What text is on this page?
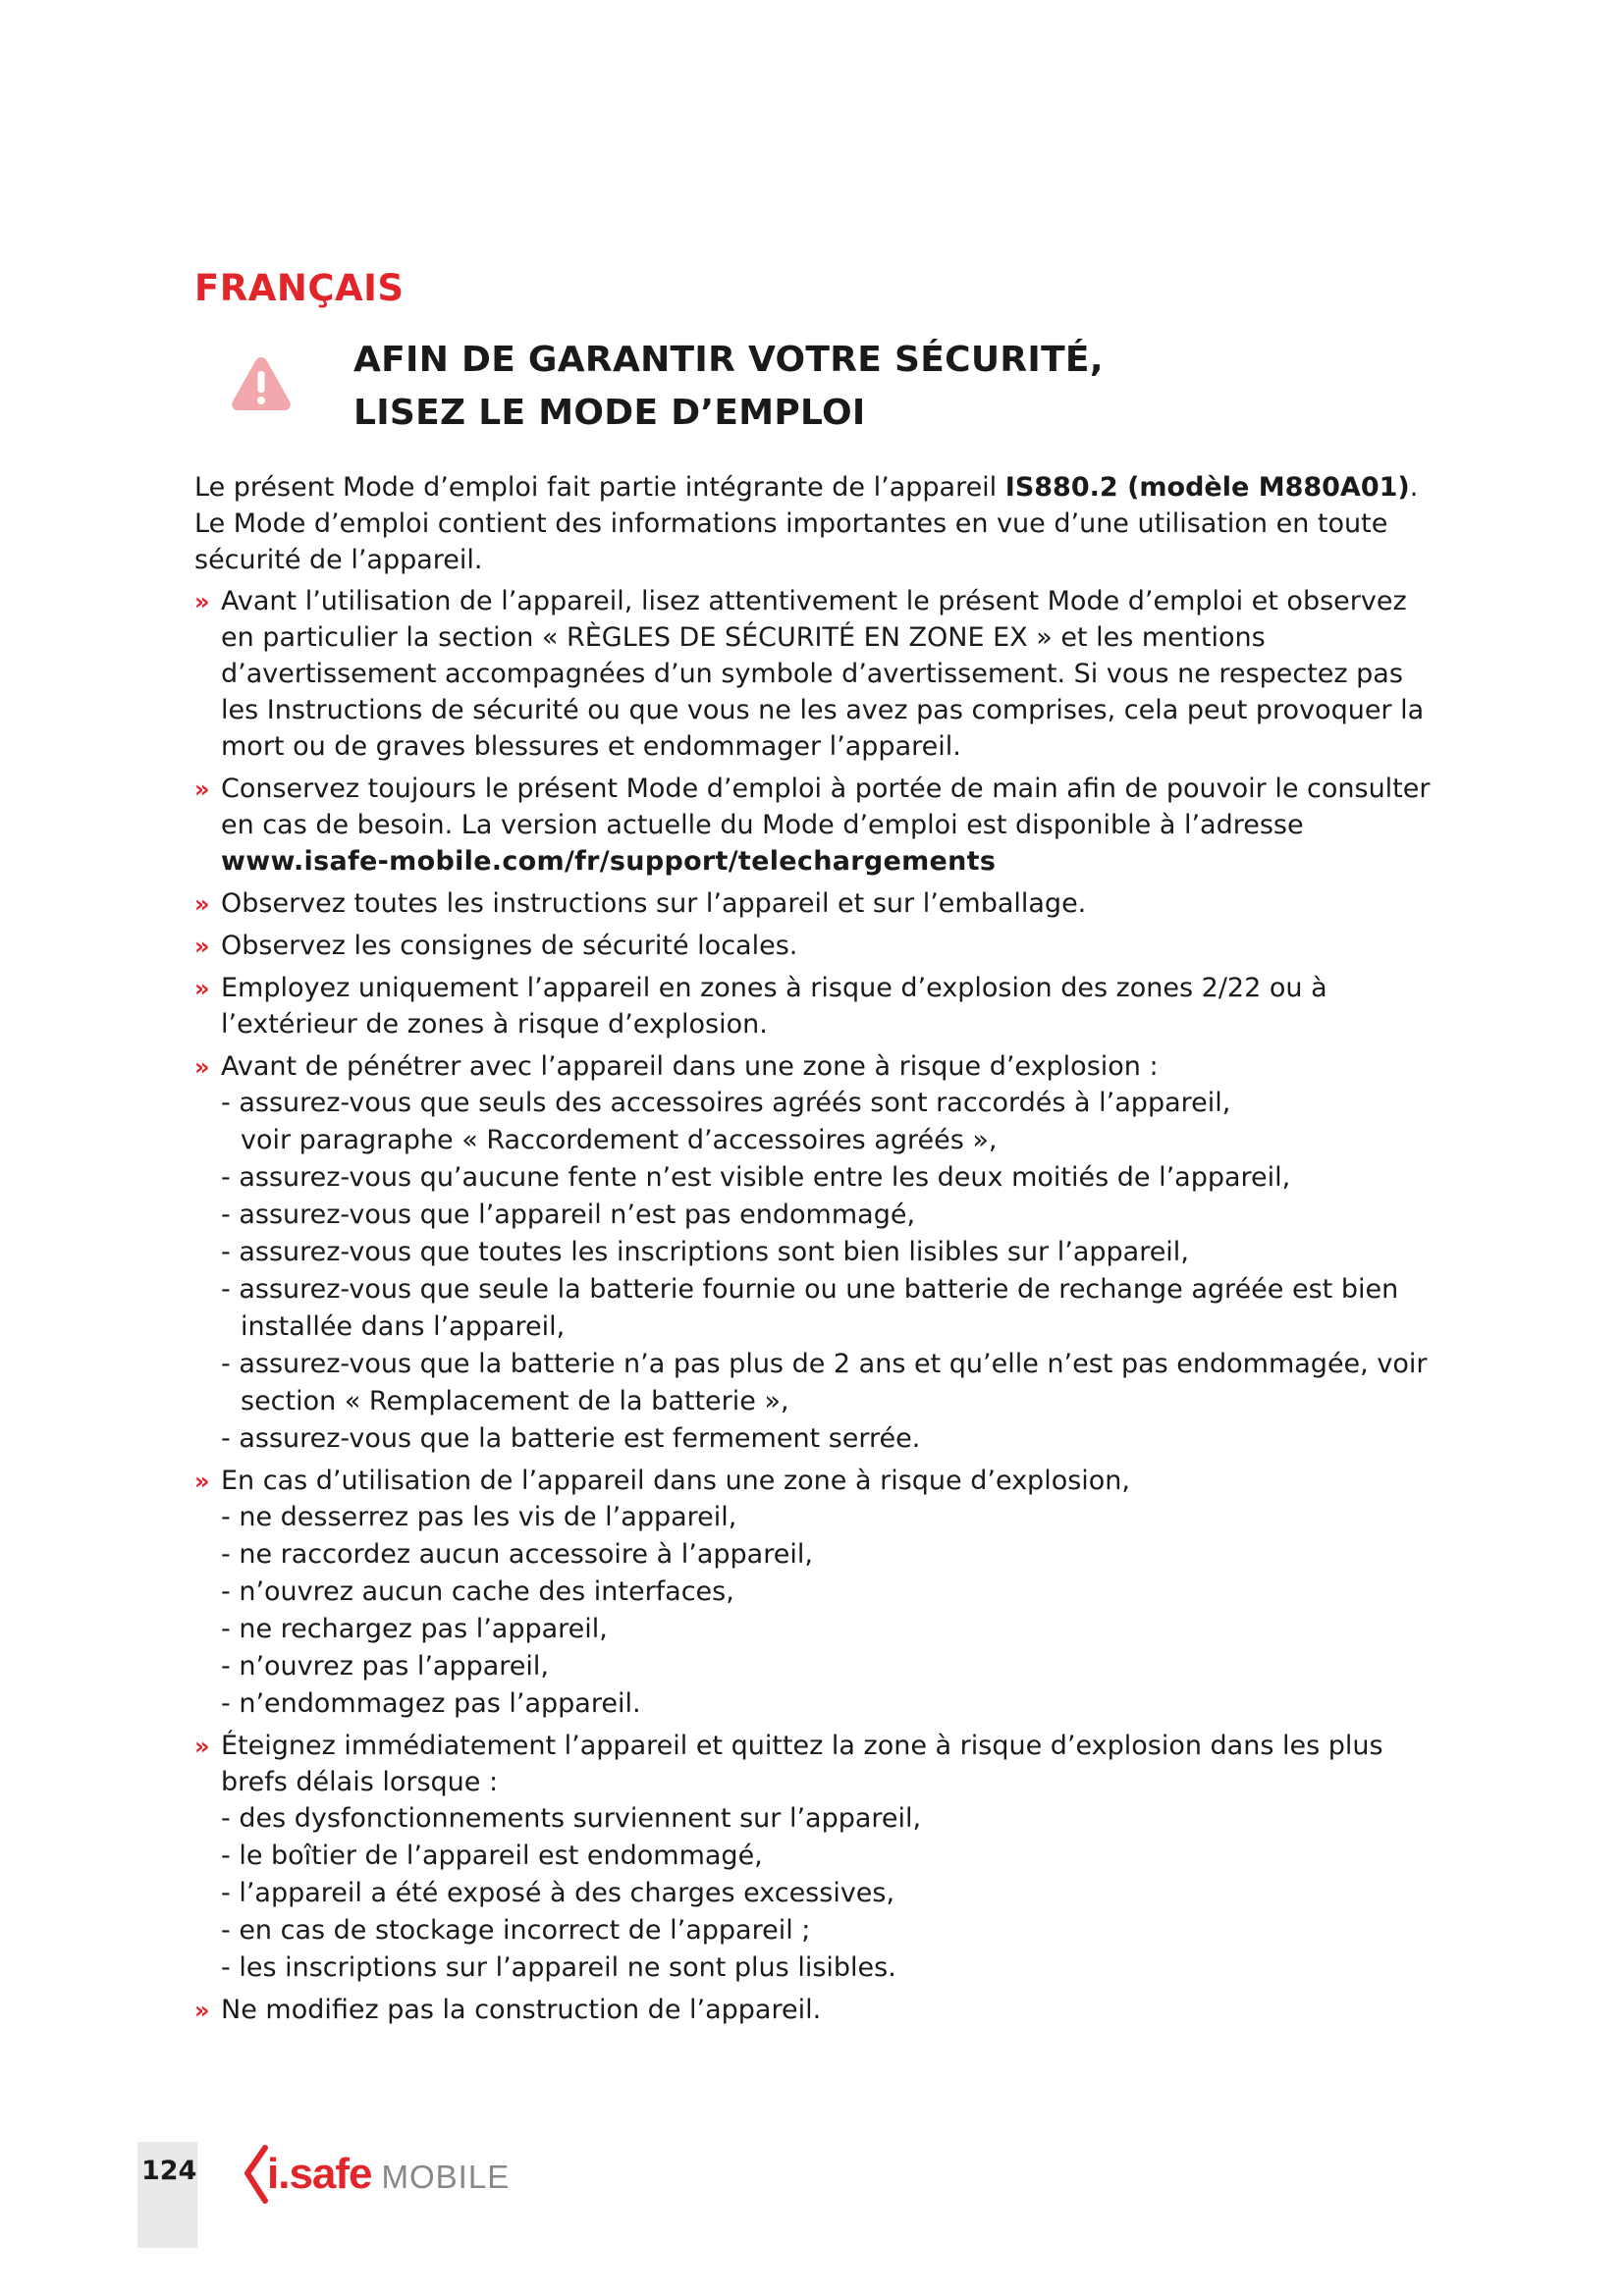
FRANÇAIS
AFIN DE GARANTIR VOTRE SÉCURITÉ,
LISEZ LE MODE D’EMPLOI

Le présent Mode d’emploi fait partie intégrante de l’appareil IS880.2 (modèle M880A01).
Le Mode d’emploi contient des informations importantes en vue d’une utilisation en toute sécurité de l’appareil.

» Avant l’utilisation de l’appareil, lisez attentivement le présent Mode d’emploi et observez en particulier la section « RÈGLES DE SÉCURITÉ EN ZONE EX » et les mentions d’avertissement accompagnées d’un symbole d’avertissement. Si vous ne respectez pas les Instructions de sécurité ou que vous ne les avez pas comprises, cela peut provoquer la mort ou de graves blessures et endommager l’appareil.
» Conservez toujours le présent Mode d’emploi à portée de main afin de pouvoir le consulter en cas de besoin. La version actuelle du Mode d’emploi est disponible à l’adresse
www.isafe-mobile.com/fr/support/telechargements
» Observez toutes les instructions sur l’appareil et sur l’emballage.
» Observez les consignes de sécurité locales.
» Employez uniquement l’appareil en zones à risque d’explosion des zones 2/22 ou à l’extérieur de zones à risque d’explosion.
» Avant de pénétrer avec l’appareil dans une zone à risque d’explosion :
- assurez-vous que seuls des accessoires agréés sont raccordés à l’appareil,
voir paragraphe « Raccordement d’accessoires agréés »,
- assurez-vous qu’aucune fente n’est visible entre les deux moitiés de l’appareil,
- assurez-vous que l’appareil n’est pas endommagé,
- assurez-vous que toutes les inscriptions sont bien lisibles sur l’appareil,
- assurez-vous que seule la batterie fournie ou une batterie de rechange agréée est bien
installée dans l’appareil,
- assurez-vous que la batterie n’a pas plus de 2 ans et qu’elle n’est pas endommagée, voir
section « Remplacement de la batterie »,
- assurez-vous que la batterie est fermement serrée.
» En cas d’utilisation de l’appareil dans une zone à risque d’explosion,
- ne desserrez pas les vis de l’appareil,
- ne raccordez aucun accessoire à l’appareil,
- n’ouvrez aucun cache des interfaces,
- ne rechargez pas l’appareil,
- n’ouvrez pas l’appareil,
- n’endommagez pas l’appareil.
» Éteignez immédiatement l’appareil et quittez la zone à risque d’explosion dans les plus brefs délais lorsque :
- des dysfonctionnements surviennent sur l’appareil,
- le boîtier de l’appareil est endommagé,
- l’appareil a été exposé à des charges excessives,
- en cas de stockage incorrect de l’appareil ;
- les inscriptions sur l’appareil ne sont plus lisibles.
» Ne modifiez pas la construction de l’appareil.
124 i.safe MOBILE
